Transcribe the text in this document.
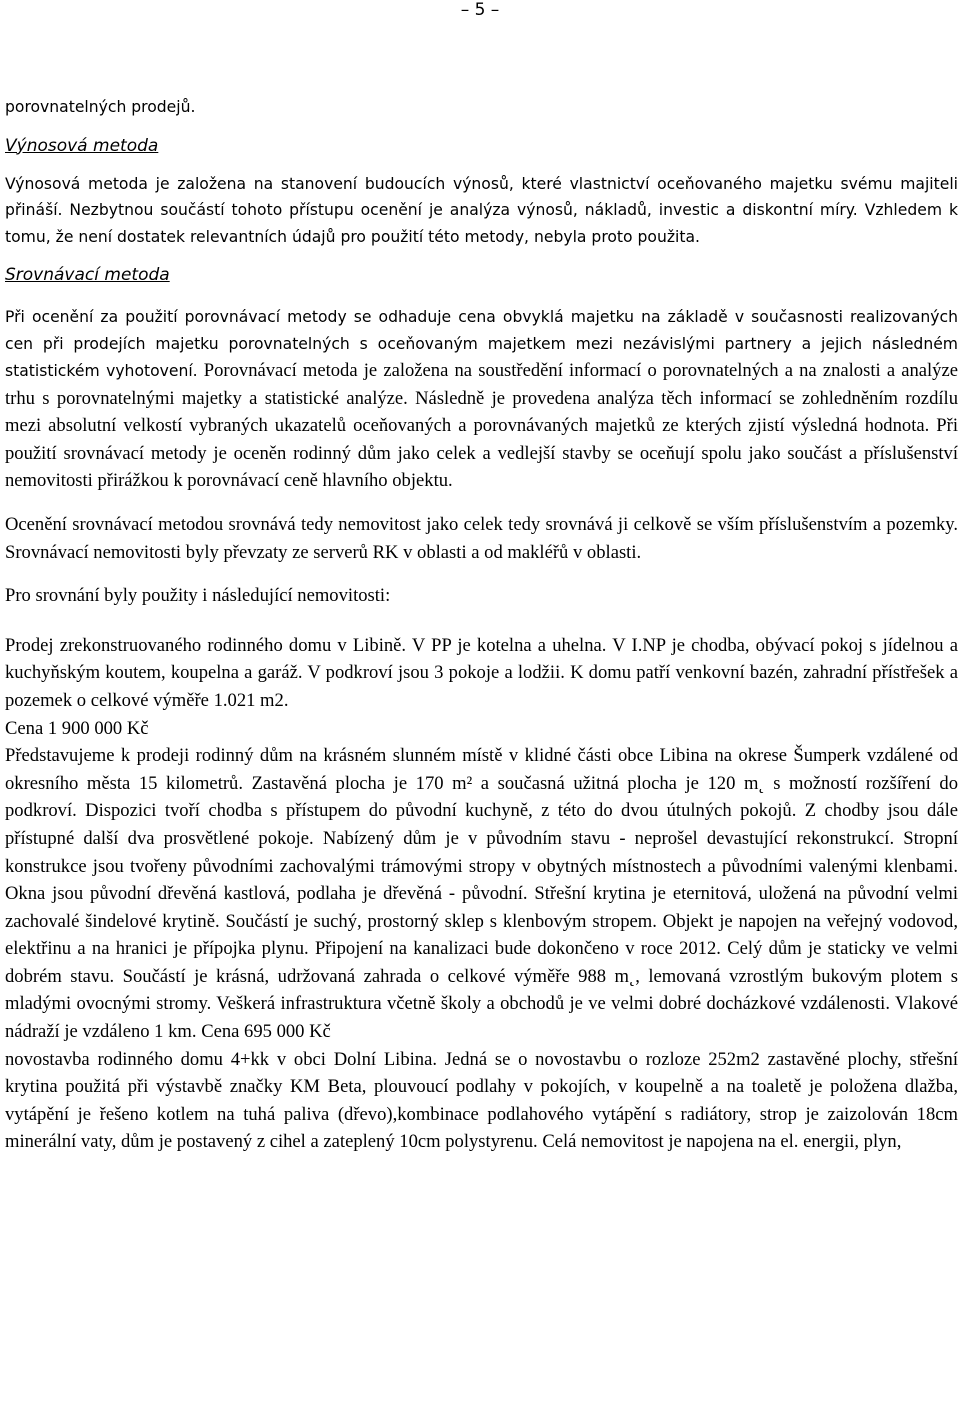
– 5 –

porovnatelných prodejů.

Výnosová metoda

Výnosová metoda je založena na stanovení budoucích výnosů, které vlastnictví oceňovaného majetku svému majiteli přináší. Nezbytnou součástí tohoto přístupu ocenění je analýza výnosů, nákladů, investic a diskontní míry. Vzhledem k tomu, že není dostatek relevantních údajů pro použití této metody, nebyla proto použita.

Srovnávací metoda

Při ocenění za použití porovnávací metody se odhaduje cena obvyklá majetku na základě v současnosti realizovaných cen při prodejích majetku porovnatelných s oceňovaným majetkem mezi nezávislými partnery a jejich následném statistickém vyhotovení. Porovnávací metoda je založena na soustředění informací o porovnatelných a na znalosti a analýze trhu s porovnatelnými majetky a statistické analýze. Následně je provedena analýza těch informací se zohledněním rozdílu mezi absolutní velkostí vybraných ukazatelů oceňovaných a porovnávaných majetků ze kterých zjistí výsledná hodnota. Při použití srovnávací metody je oceněn rodinný dům jako celek a vedlejší stavby se oceňují spolu jako součást a příslušenství nemovitosti přirážkou k porovnávací ceně hlavního objektu.

Ocenění srovnávací metodou srovnává tedy nemovitost jako celek tedy srovnává ji celkově se vším příslušenstvím a pozemky. Srovnávací nemovitosti byly převzaty ze serverů RK v oblasti a od makléřů v oblasti.

Pro srovnání byly použity i následující nemovitosti:

Prodej zrekonstruovaného rodinného domu v Libině. V PP je kotelna a uhelna. V I.NP je chodba, obývací pokoj s jídelnou a kuchyňským koutem, koupelna a garáž. V podkroví jsou 3 pokoje a lodžii. K domu patří venkovní bazén, zahradní přístřešek a pozemek o celkové výměře 1.021 m2.

Cena 1 900 000 Kč

Představujeme k prodeji rodinný dům na krásném slunném místě v klidné části obce Libina na okrese Šumperk vzdálené od okresního města 15 kilometrů. Zastavěná plocha je 170 m² a současná užitná plocha je 120 m˛ s možností rozšíření do podkroví. Dispozici tvoří chodba s přístupem do původní kuchyně, z této do dvou útulných pokojů. Z chodby jsou dále přístupné další dva prosvětlené pokoje. Nabízený dům je v původním stavu - neprošel devastující rekonstrukcí. Stropní konstrukce jsou tvořeny původními zachovalými trámovými stropy v obytných místnostech a původními valenými klenbami. Okna jsou původní dřevěná kastlová, podlaha je dřevěná - původní. Střešní krytina je eternitová, uložená na původní velmi zachovalé šindelové krytině. Součástí je suchý, prostorný sklep s klenbovým stropem. Objekt je napojen na veřejný vodovod, elektřinu a na hranici je přípojka plynu. Připojení na kanalizaci bude dokončeno v roce 2012. Celý dům je staticky ve velmi dobrém stavu. Součástí je krásná, udržovaná zahrada o celkové výměře 988 m˛, lemovaná vzrostlým bukovým plotem s mladými ovocnými stromy. Veškerá infrastruktura včetně školy a obchodů je ve velmi dobré docházkové vzdálenosti. Vlakové nádraží je vzdáleno 1 km. Cena 695 000 Kč

novostavba rodinného domu 4+kk v obci Dolní Libina. Jedná se o novostavbu o rozloze 252m2 zastavěné plochy, střešní krytina použitá při výstavbě značky KM Beta, plouvoucí podlahy v pokojích, v koupelně a na toaletě je položena dlažba, vytápění je řešeno kotlem na tuhá paliva (dřevo),kombinace podlahového vytápění s radiátory, strop je zaizolován 18cm minerální vaty, dům je postavený z cihel a zateplený 10cm polystyrenu. Celá nemovitost je napojena na el. energii, plyn,
